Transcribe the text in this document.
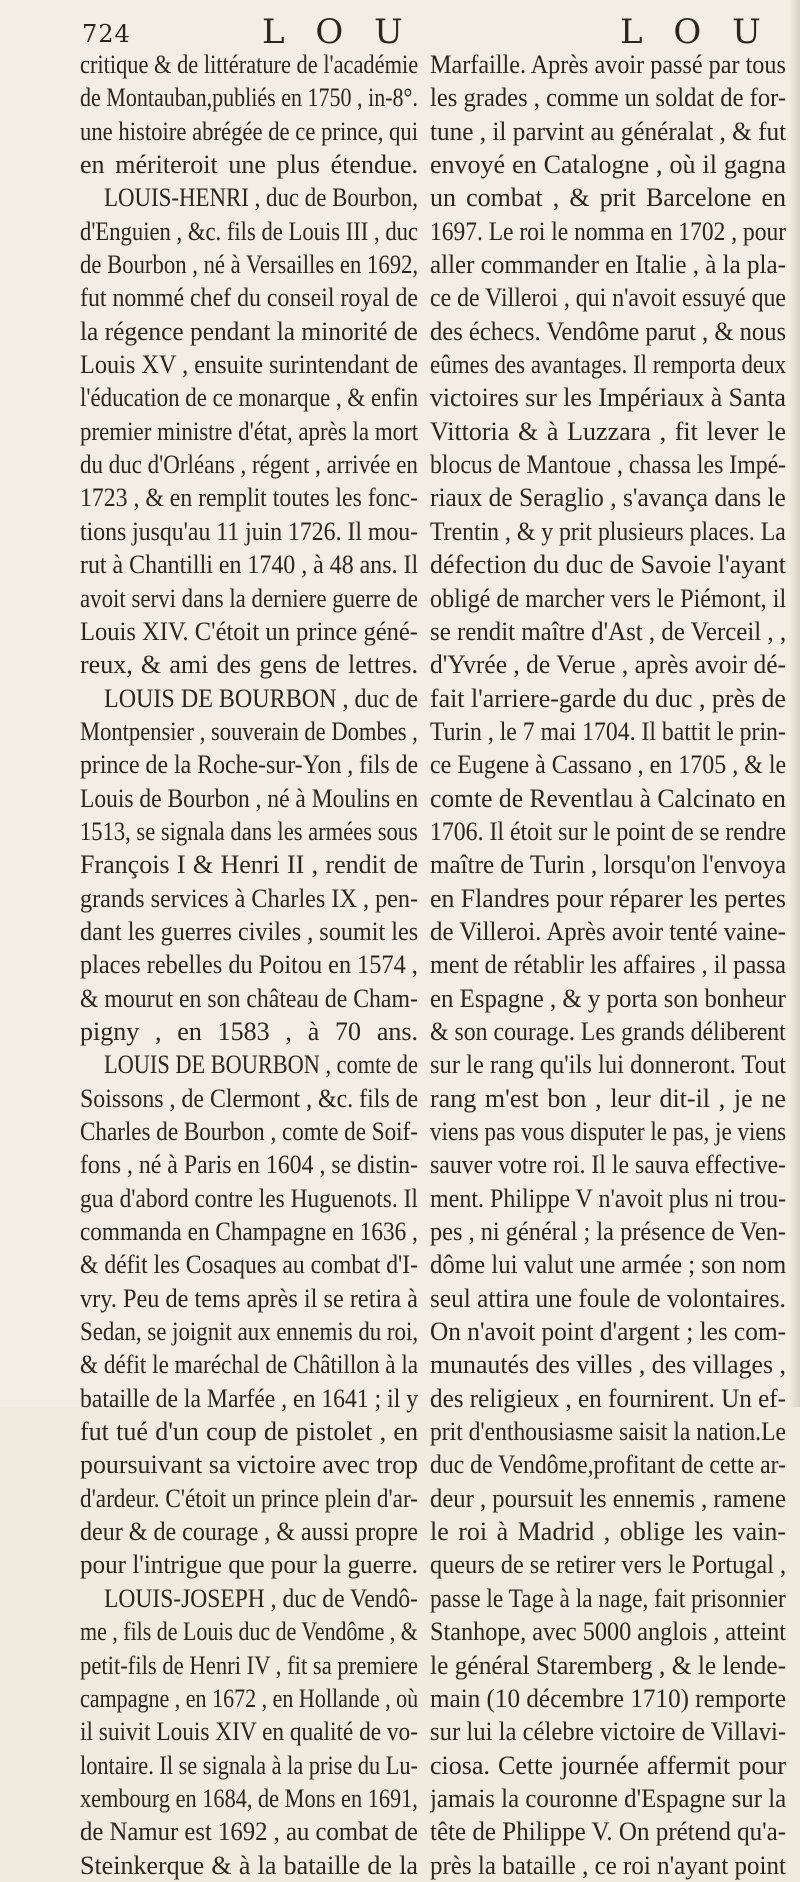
724	L O U	L O U
critique & de littérature de l'académie
de Montauban,publiés en 1750 , in-8°.
une histoire abrégée de ce prince, qui
en mériteroit une plus étendue.
LOUIS-HENRI , duc de Bourbon,
d'Enguien , &c. fils de Louis III , duc
de Bourbon , né à Versailles en 1692,
fut nommé chef du conseil royal de
la régence pendant la minorité de
Louis XV , ensuite surintendant de
l'éducation de ce monarque , & enfin
premier ministre d'état, après la mort
du duc d'Orléans , régent , arrivée en
1723 , & en remplit toutes les fonc-
tions jusqu'au 11 juin 1726. Il mou-
rut à Chantilli en 1740 , à 48 ans. Il
avoit servi dans la derniere guerre de
Louis XIV. C'étoit un prince géné-
reux, & ami des gens de lettres.
LOUIS DE BOURBON , duc de
Montpensier , souverain de Dombes ,
prince de la Roche-sur-Yon , fils de
Louis de Bourbon , né à Moulins en
1513, se signala dans les armées sous
François I & Henri II , rendit de
grands services à Charles IX , pen-
dant les guerres civiles , soumit les
places rebelles du Poitou en 1574 ,
& mourut en son château de Cham-
pigny , en 1583 , à 70 ans.
LOUIS DE BOURBON , comte de
Soissons , de Clermont , &c. fils de
Charles de Bourbon , comte de Soif-
fons , né à Paris en 1604 , se distin-
gua d'abord contre les Huguenots. Il
commanda en Champagne en 1636 ,
& défit les Cosaques au combat d'I-
vry. Peu de tems après il se retira à
Sedan, se joignit aux ennemis du roi,
& défit le maréchal de Châtillon à la
bataille de la Marfée , en 1641 ; il y
fut tué d'un coup de pistolet , en
poursuivant sa victoire avec trop
d'ardeur. C'étoit un prince plein d'ar-
deur & de courage , & aussi propre
pour l'intrigue que pour la guerre.
LOUIS-JOSEPH , duc de Vendô-
me , fils de Louis duc de Vendôme , &
petit-fils de Henri IV , fit sa premiere
campagne , en 1672 , en Hollande , où
il suivit Louis XIV en qualité de vo-
lontaire. Il se signala à la prise du Lu-
xembourg en 1684, de Mons en 1691,
de Namur est 1692 , au combat de
Steinkerque & à la bataille de la
Marfaille. Après avoir passé par tous
les grades , comme un soldat de for-
tune , il parvint au généralat , & fut
envoyé en Catalogne , où il gagna
un combat , & prit Barcelone en
1697. Le roi le nomma en 1702 , pour
aller commander en Italie , à la pla-
ce de Villeroi , qui n'avoit essuyé que
des échecs. Vendôme parut , & nous
eûmes des avantages. Il remporta deux
victoires sur les Impériaux à Santa
Vittoria & à Luzzara , fit lever le
blocus de Mantoue , chassa les Impé-
riaux de Seraglio , s'avança dans le
Trentin , & y prit plusieurs places. La
défection du duc de Savoie l'ayant
obligé de marcher vers le Piémont, il
se rendit maître d'Ast , de Verceil , ,
d'Yvrée , de Verue , après avoir dé-
fait l'arriere-garde du duc , près de
Turin , le 7 mai 1704. Il battit le prin-
ce Eugene à Cassano , en 1705 , & le
comte de Reventlau à Calcinato en
1706. Il étoit sur le point de se rendre
maître de Turin , lorsqu'on l'envoya
en Flandres pour réparer les pertes
de Villeroi. Après avoir tenté vaine-
ment de rétablir les affaires , il passa
en Espagne , & y porta son bonheur
& son courage. Les grands déliberent
sur le rang qu'ils lui donneront. Tout
rang m'est bon , leur dit-il , je ne
viens pas vous disputer le pas, je viens
sauver votre roi. Il le sauva effective-
ment. Philippe V n'avoit plus ni trou-
pes , ni général ; la présence de Ven-
dôme lui valut une armée ; son nom
seul attira une foule de volontaires.
On n'avoit point d'argent ; les com-
munautés des villes , des villages ,
des religieux , en fournirent. Un ef-
prit d'enthousiasme saisit la nation.Le
duc de Vendôme,profitant de cette ar-
deur , poursuit les ennemis , ramene
le roi à Madrid , oblige les vain-
queurs de se retirer vers le Portugal ,
passe le Tage à la nage, fait prisonnier
Stanhope, avec 5000 anglois , atteint
le général Staremberg , & le lende-
main (10 décembre 1710) remporte
sur lui la célebre victoire de Villavi-
ciosa. Cette journée affermit pour
jamais la couronne d'Espagne sur la
tête de Philippe V. On prétend qu'a-
près la bataille , ce roi n'ayant point
